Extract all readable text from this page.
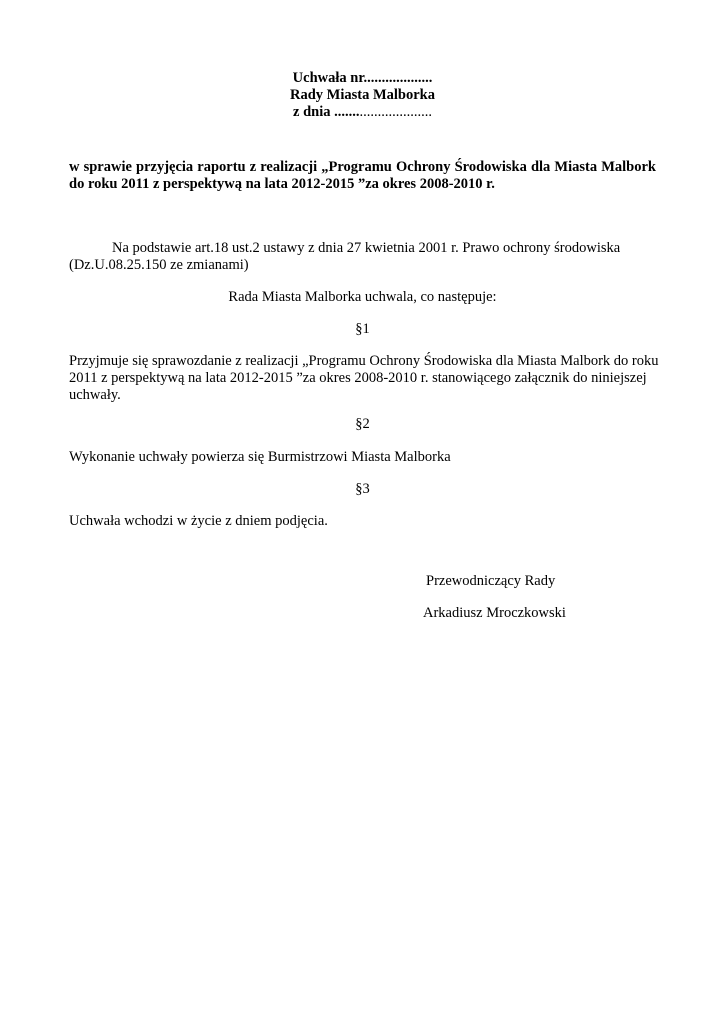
Uchwała nr...................
Rady Miasta Malborka
z dnia ...........................
w sprawie przyjęcia raportu z realizacji „Programu Ochrony Środowiska dla Miasta Malbork do roku 2011 z perspektywą na lata 2012-2015 ”za okres 2008-2010 r.
Na podstawie art.18 ust.2 ustawy z dnia 27 kwietnia 2001 r. Prawo ochrony środowiska
(Dz.U.08.25.150 ze zmianami)
Rada Miasta Malborka uchwala, co następuje:
§1
Przyjmuje się sprawozdanie z realizacji „Programu Ochrony Środowiska dla Miasta Malbork do roku 2011 z perspektywą na lata 2012-2015 ”za okres 2008-2010 r. stanowiącego załącznik do niniejszej uchwały.
§2
Wykonanie uchwały powierza się Burmistrzowi Miasta Malborka
§3
Uchwała wchodzi w życie z dniem podjęcia.
Przewodniczący Rady
Arkadiusz Mroczkowski
